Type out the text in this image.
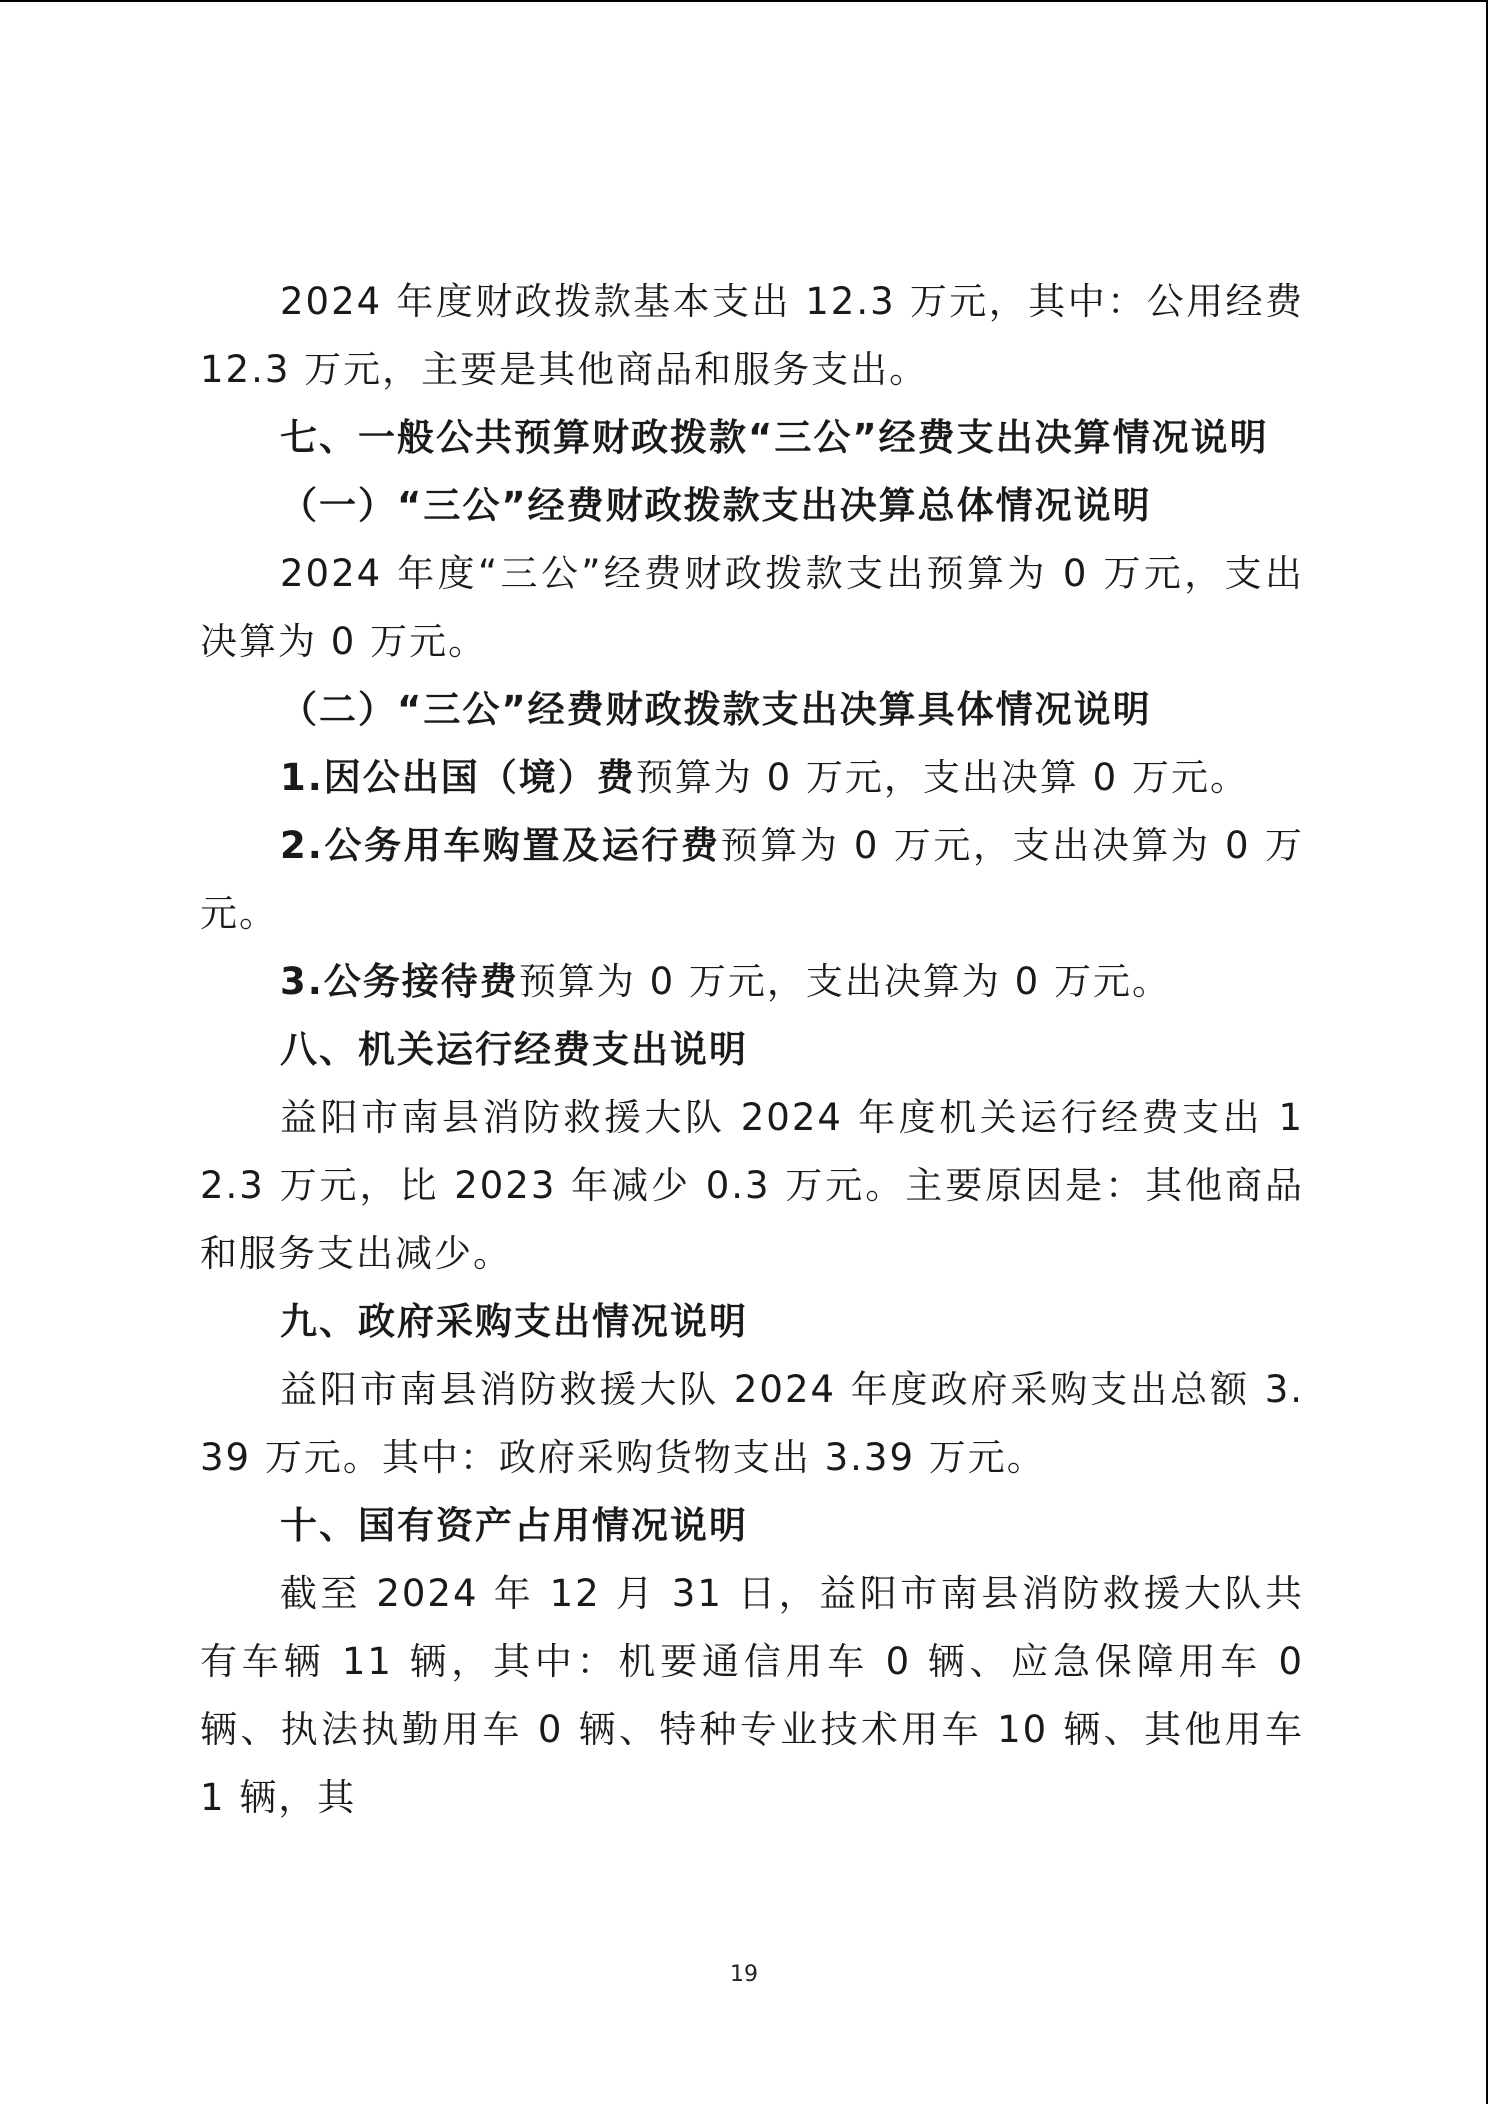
2024 年度财政拨款基本支出 12.3 万元，其中：公用经费 12.3 万元，主要是其他商品和服务支出。

七、一般公共预算财政拨款“三公”经费支出决算情况说明

（一）“三公”经费财政拨款支出决算总体情况说明

2024 年度“三公”经费财政拨款支出预算为 0 万元，支出决算为 0 万元。

（二）“三公”经费财政拨款支出决算具体情况说明

1.因公出国（境）费预算为 0 万元，支出决算 0 万元。

2.公务用车购置及运行费预算为 0 万元，支出决算为 0 万元。

3.公务接待费预算为 0 万元，支出决算为 0 万元。

八、机关运行经费支出说明

益阳市南县消防救援大队 2024 年度机关运行经费支出 12.3 万元，比 2023 年减少 0.3 万元。主要原因是：其他商品和服务支出减少。

九、政府采购支出情况说明

益阳市南县消防救援大队 2024 年度政府采购支出总额 3.39 万元。其中：政府采购货物支出 3.39 万元。

十、国有资产占用情况说明

截至 2024 年 12 月 31 日，益阳市南县消防救援大队共有车辆 11 辆，其中：机要通信用车 0 辆、应急保障用车 0 辆、执法执勤用车 0 辆、特种专业技术用车 10 辆、其他用车 1 辆，其

19
